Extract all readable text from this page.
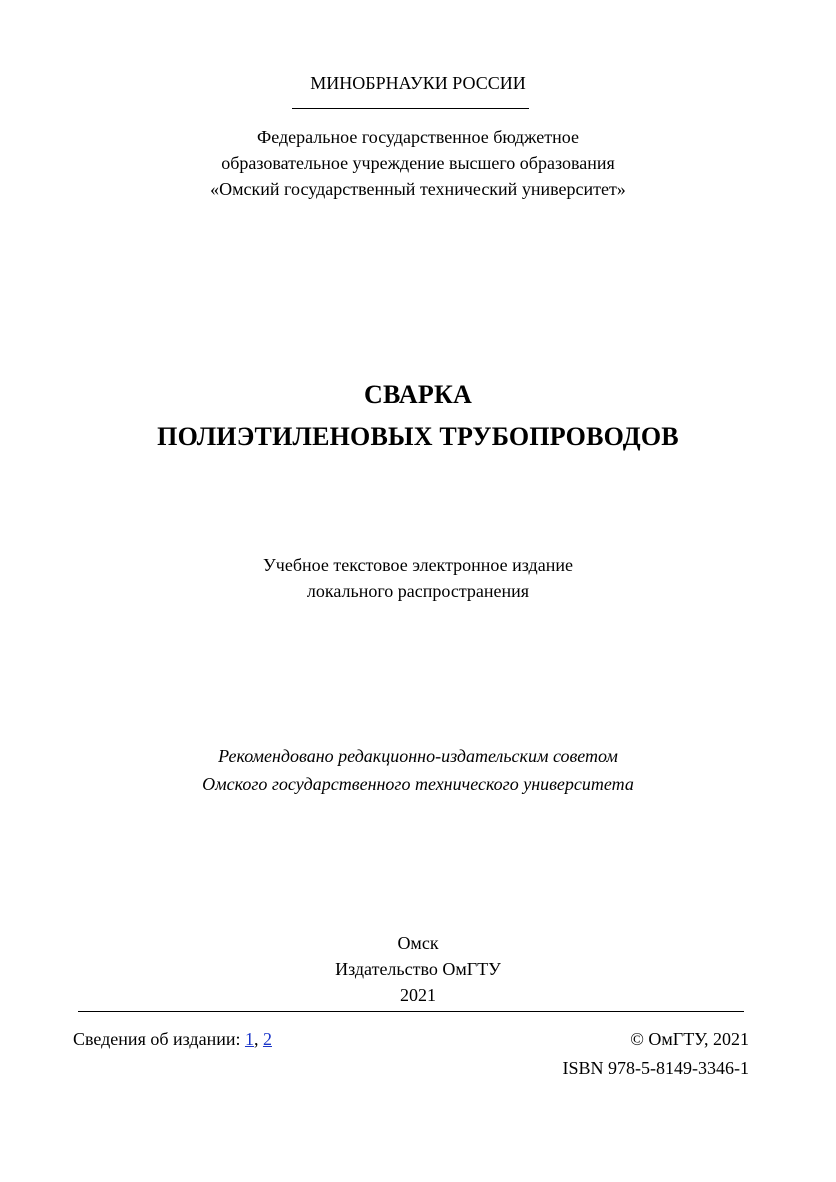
МИНОБРНАУКИ РОССИИ
Федеральное государственное бюджетное
образовательное учреждение высшего образования
«Омский государственный технический университет»
СВАРКА
ПОЛИЭТИЛЕНОВЫХ ТРУБОПРОВОДОВ
Учебное текстовое электронное издание
локального распространения
Рекомендовано редакционно-издательским советом
Омского государственного технического университета
Омск
Издательство ОмГТУ
2021
Сведения об издании: 1, 2	© ОмГТУ, 2021
ISBN 978-5-8149-3346-1
